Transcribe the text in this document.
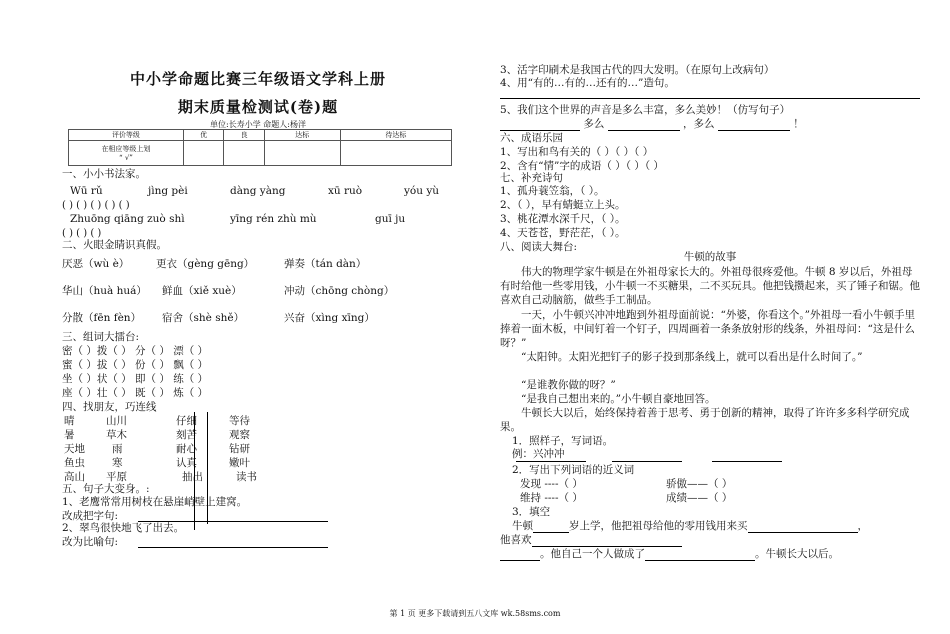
中小学命题比赛三年级语文学科上册
期末质量检测试(卷)题
单位:长寿小学 命题人:杨洋
评价等级	优	良	达标	待达标

在相应等级上划
“ √”				

一、小小书法家。
Wū rǔ	jìng pèi	dàng yàng	xū ruò	yóu yù
( ) ( ) ( ) ( ) ( )
Zhuōng qiāng zuò shì	yīng rén zhù mù	guī ju
( ) ( ) ( )
二、火眼金睛识真假。
厌恶（wù è）	更衣（gèng gēng）	弹奏（tán dàn）
华山（huà huá） 鲜血（xiě xuè）	冲动（chōng chòng）
分散（fēn fèn） 宿舍（shè shě）	兴奋（xìng xīng）
三、组词大擂台:
密（ ）拨（ ） 分（ ） 漂（ ）
蜜（ ）拔（ ） 份（ ） 飘（ ）
坐（ ）状（ ） 即（ ） 练（ ）
座（ ）壮（ ） 既（ ） 炼（ ）
四、找朋友，巧连线
晴	山川	仔细	等待
暑	草木	刻苦	观察
天地	雨	耐心	钻研
鱼虫	寒	认真	嫩叶
高山 平原	抽出	读书
五、句子大变身。:
1、老鹰常常用树枝在悬崖峭壁上建窝。
改成把字句:
2、翠鸟很快地飞了出去。
改为比喻句:
3、活字印刷术是我国古代的四大发明。（在原句上改病句）
4、用“有的…有的…还有的…”造句。
5、我们这个世界的声音是多么丰富，多么美妙！（仿写句子）
多么	，多么	！
六、成语乐园
1、写出和鸟有关的（ ）（ ）（ ）
2、含有“情”字的成语（ ）（ ）（ ）
七、补充诗句
1、孤舟蓑笠翁，（ ）。
2、（ ），早有蜻蜓立上头。
3、桃花潭水深千尺，（ ）。
4、天苍苍，野茫茫，（ ）。
八、阅读大舞台:
牛顿的故事
伟大的物理学家牛顿是在外祖母家长大的。外祖母很疼爱他。牛顿 8 岁以后，外祖母有时给他一些零用钱，小牛顿一不买糖果，二不买玩具。他把钱攒起来，买了锤子和锯。他喜欢自己动脑筋，做些手工制品。
一天，小牛顿兴冲冲地跑到外祖母面前说：“外婆，你看这个。”外祖母一看小牛顿手里捧着一面木板，中间钉着一个钉子，四周画着一条条放射形的线条，外祖母问：“这是什么呀？”
“太阳钟。太阳光把钉子的影子投到那条线上，就可以看出是什么时间了。”
“是谁教你做的呀？”
“是我自己想出来的。”小牛顿自豪地回答。
牛顿长大以后，始终保持着善于思考、勇于创新的精神，取得了许许多多科学研究成果。
1．照样子，写词语。
例：兴冲冲
2．写出下列词语的近义词
发现 ----（ ）	骄傲——（ ）
维持 ----（ ）	成绩——（ ）
3．填空
牛顿	岁上学，他把祖母给他的零用钱用来买	，
他喜欢
。他自己一个人做成了	。牛顿长大以后。
第 1 页 更多下载请到五八文库 wk.58sms.com
